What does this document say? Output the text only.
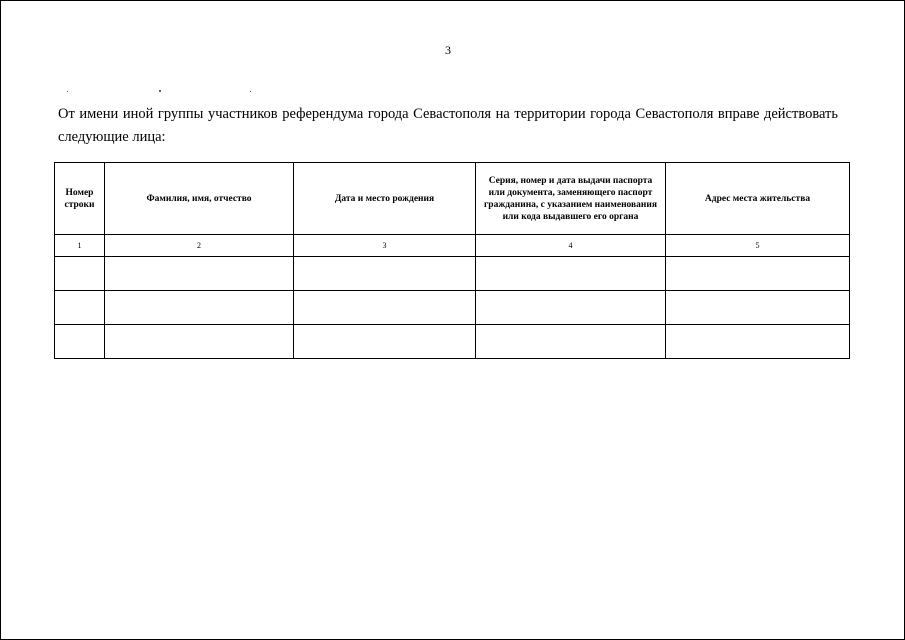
3
От имени иной группы участников референдума города Севастополя на территории города Севастополя вправе действовать следующие лица:
Номер строки	Фамилия, имя, отчество	Дата и место рождения	Серия, номер и дата выдачи паспорта или документа, заменяющего паспорт гражданина, с указанием наименования или кода выдавшего его органа	Адрес места жительства
1	2	3	4	5
